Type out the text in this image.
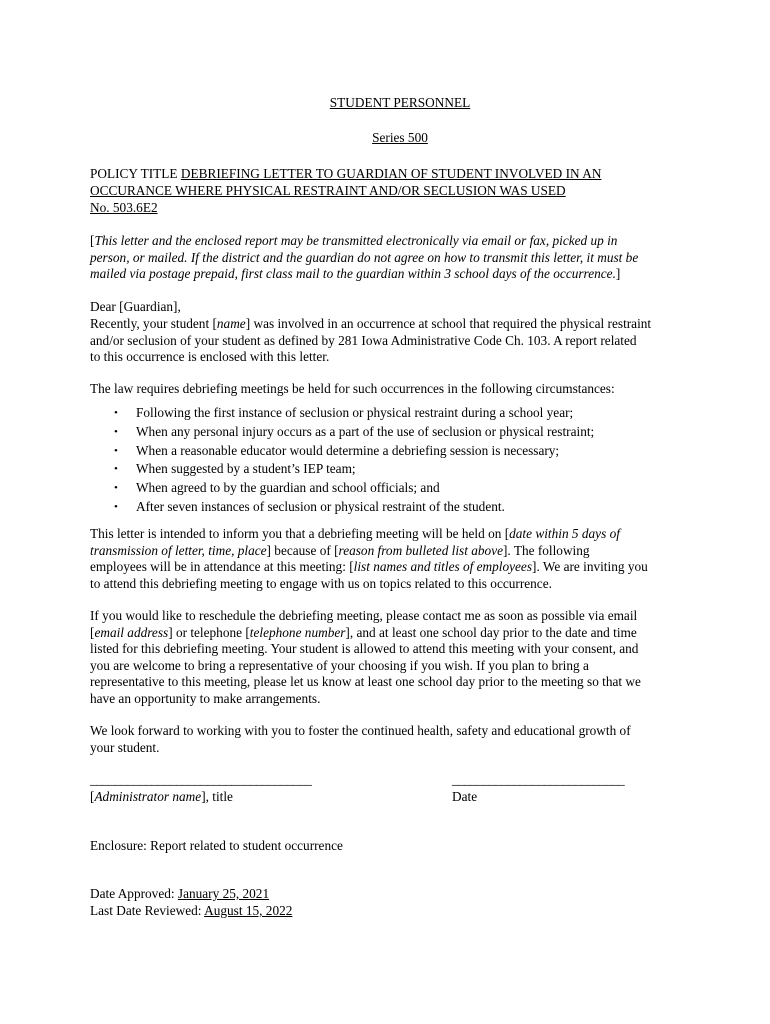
STUDENT PERSONNEL
Series 500
POLICY TITLE DEBRIEFING LETTER TO GUARDIAN OF STUDENT INVOLVED IN AN
OCCURANCE WHERE PHYSICAL RESTRAINT AND/OR SECLUSION WAS USED
No. 503.6E2
[This letter and the enclosed report may be transmitted electronically via email or fax, picked up in
person, or mailed. If the district and the guardian do not agree on how to transmit this letter, it must be
mailed via postage prepaid, first class mail to the guardian within 3 school days of the occurrence.]
Dear [Guardian],
Recently, your student [name] was involved in an occurrence at school that required the physical restraint
and/or seclusion of your student as defined by 281 Iowa Administrative Code Ch. 103. A report related
to this occurrence is enclosed with this letter.
The law requires debriefing meetings be held for such occurrences in the following circumstances:
• Following the first instance of seclusion or physical restraint during a school year;
• When any personal injury occurs as a part of the use of seclusion or physical restraint;
• When a reasonable educator would determine a debriefing session is necessary;
• When suggested by a student’s IEP team;
• When agreed to by the guardian and school officials; and
• After seven instances of seclusion or physical restraint of the student.
This letter is intended to inform you that a debriefing meeting will be held on [date within 5 days of
transmission of letter, time, place] because of [reason from bulleted list above]. The following
employees will be in attendance at this meeting: [list names and titles of employees]. We are inviting you
to attend this debriefing meeting to engage with us on topics related to this occurrence.
If you would like to reschedule the debriefing meeting, please contact me as soon as possible via email
[email address] or telephone [telephone number], and at least one school day prior to the date and time
listed for this debriefing meeting. Your student is allowed to attend this meeting with your consent, and
you are welcome to bring a representative of your choosing if you wish. If you plan to bring a
representative to this meeting, please let us know at least one school day prior to the meeting so that we
have an opportunity to make arrangements.
We look forward to working with you to foster the continued health, safety and educational growth of
your student.
____________________________________	____________________________
[Administrator name], title	Date
Enclosure: Report related to student occurrence
Date Approved: January 25, 2021
Last Date Reviewed: August 15, 2022
